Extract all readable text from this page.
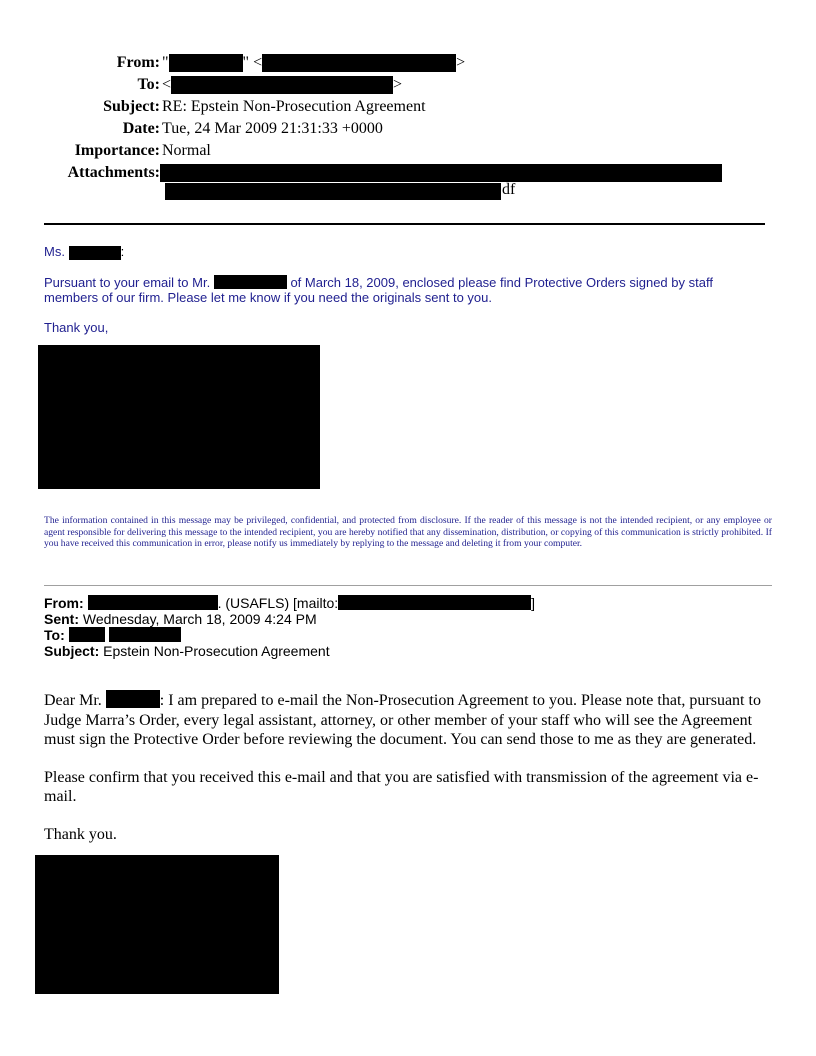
From: "	" <	>
To: <	>
Subject: RE: Epstein Non-Prosecution Agreement
Date: Tue, 24 Mar 2009 21:31:33 +0000
Importance: Normal
Attachments:
df
Ms.	:
Pursuant to your email to Mr.	of March 18, 2009, enclosed please find Protective Orders signed by staff members of our firm. Please let me know if you need the originals sent to you.
Thank you,
The information contained in this message may be privileged, confidential, and protected from disclosure. If the reader of this message is not the intended recipient, or any employee or agent responsible for delivering this message to the intended recipient, you are hereby notified that any dissemination, distribution, or copying of this communication is strictly prohibited. If you have received this communication in error, please notify us immediately by replying to the message and deleting it from your computer.
From:	. (USAFLS) [mailto:	]
Sent: Wednesday, March 18, 2009 4:24 PM
To:
Subject: Epstein Non-Prosecution Agreement
Dear Mr.	: I am prepared to e-mail the Non-Prosecution Agreement to you. Please note that, pursuant to Judge Marra’s Order, every legal assistant, attorney, or other member of your staff who will see the Agreement must sign the Protective Order before reviewing the document. You can send those to me as they are generated.
Please confirm that you received this e-mail and that you are satisfied with transmission of the agreement via e-mail.
Thank you.
